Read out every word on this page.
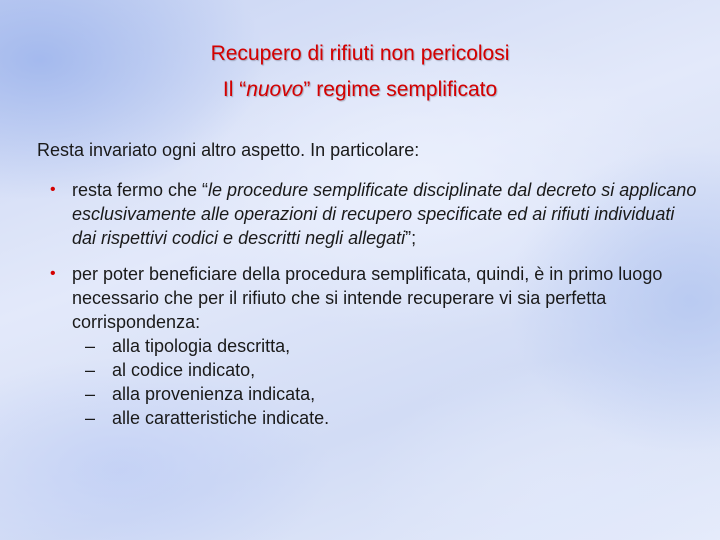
Recupero di rifiuti non pericolosi
Il “nuovo” regime semplificato
Resta invariato ogni altro aspetto. In particolare:
• resta fermo che “le procedure semplificate disciplinate dal decreto si applicano esclusivamente alle operazioni di recupero specificate ed ai rifiuti individuati dai rispettivi codici e descritti negli allegati”;
• per poter beneficiare della procedura semplificata, quindi, è in primo luogo necessario che per il rifiuto che si intende recuperare vi sia perfetta corrispondenza:
– alla tipologia descritta,
– al codice indicato,
– alla provenienza indicata,
– alle caratteristiche indicate.
